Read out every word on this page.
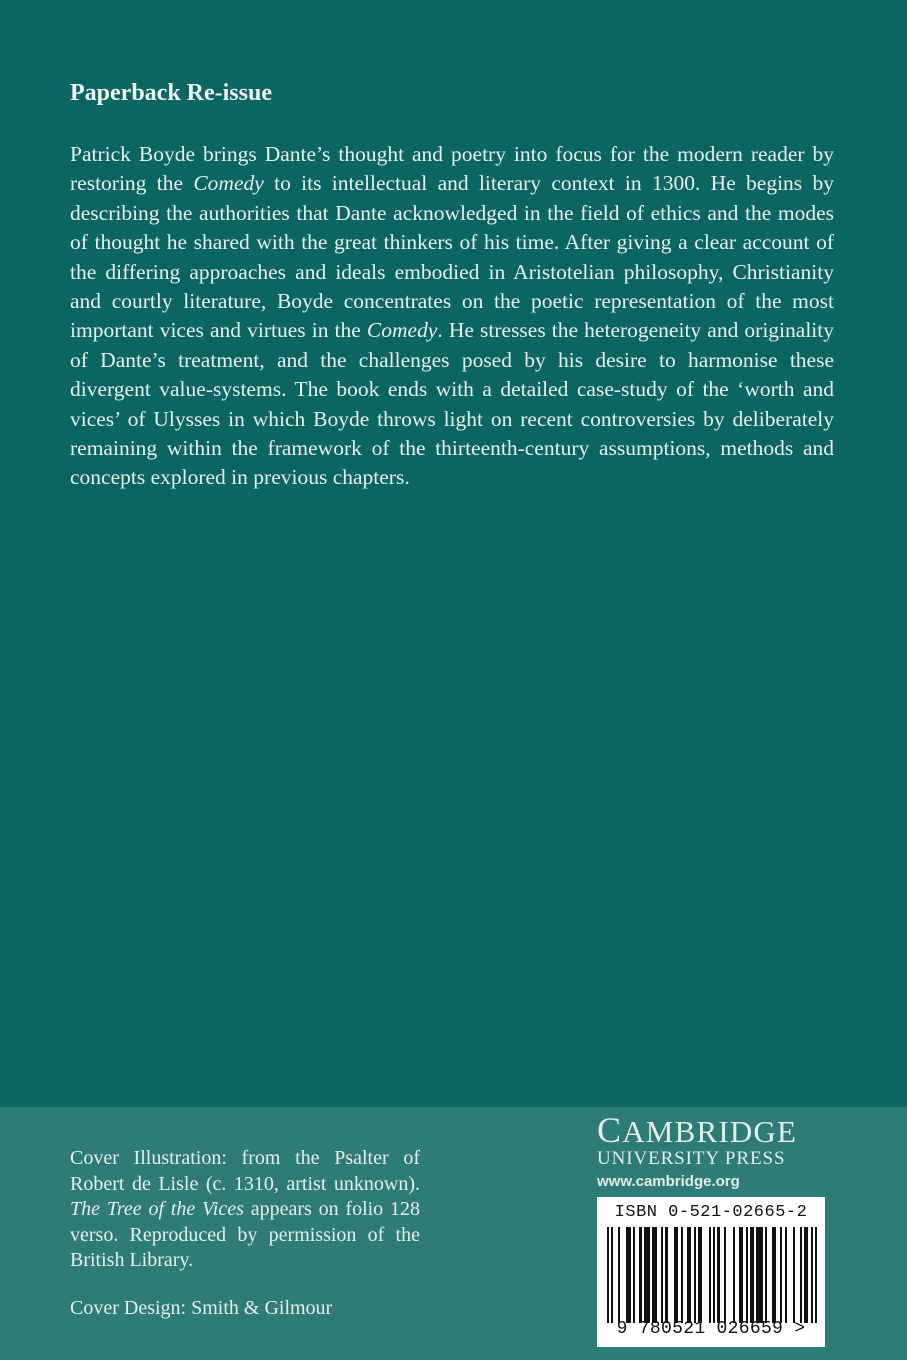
Paperback Re-issue
Patrick Boyde brings Dante’s thought and poetry into focus for the modern reader by restoring the Comedy to its intellectual and literary context in 1300. He begins by describing the authorities that Dante acknowledged in the field of ethics and the modes of thought he shared with the great thinkers of his time. After giving a clear account of the differing approaches and ideals embodied in Aristotelian philosophy, Christianity and courtly literature, Boyde concentrates on the poetic representation of the most important vices and virtues in the Comedy. He stresses the heterogeneity and originality of Dante’s treatment, and the challenges posed by his desire to harmonise these divergent value-systems. The book ends with a detailed case-study of the ‘worth and vices’ of Ulysses in which Boyde throws light on recent controversies by deliberately remaining within the framework of the thirteenth-century assumptions, methods and concepts explored in previous chapters.
Cover Illustration: from the Psalter of Robert de Lisle (c. 1310, artist unknown). The Tree of the Vices appears on folio 128 verso. Reproduced by permission of the British Library.
Cover Design: Smith & Gilmour
CAMBRIDGE
UNIVERSITY PRESS
www.cambridge.org
ISBN 0-521-02665-2
9 780521 026659 >
